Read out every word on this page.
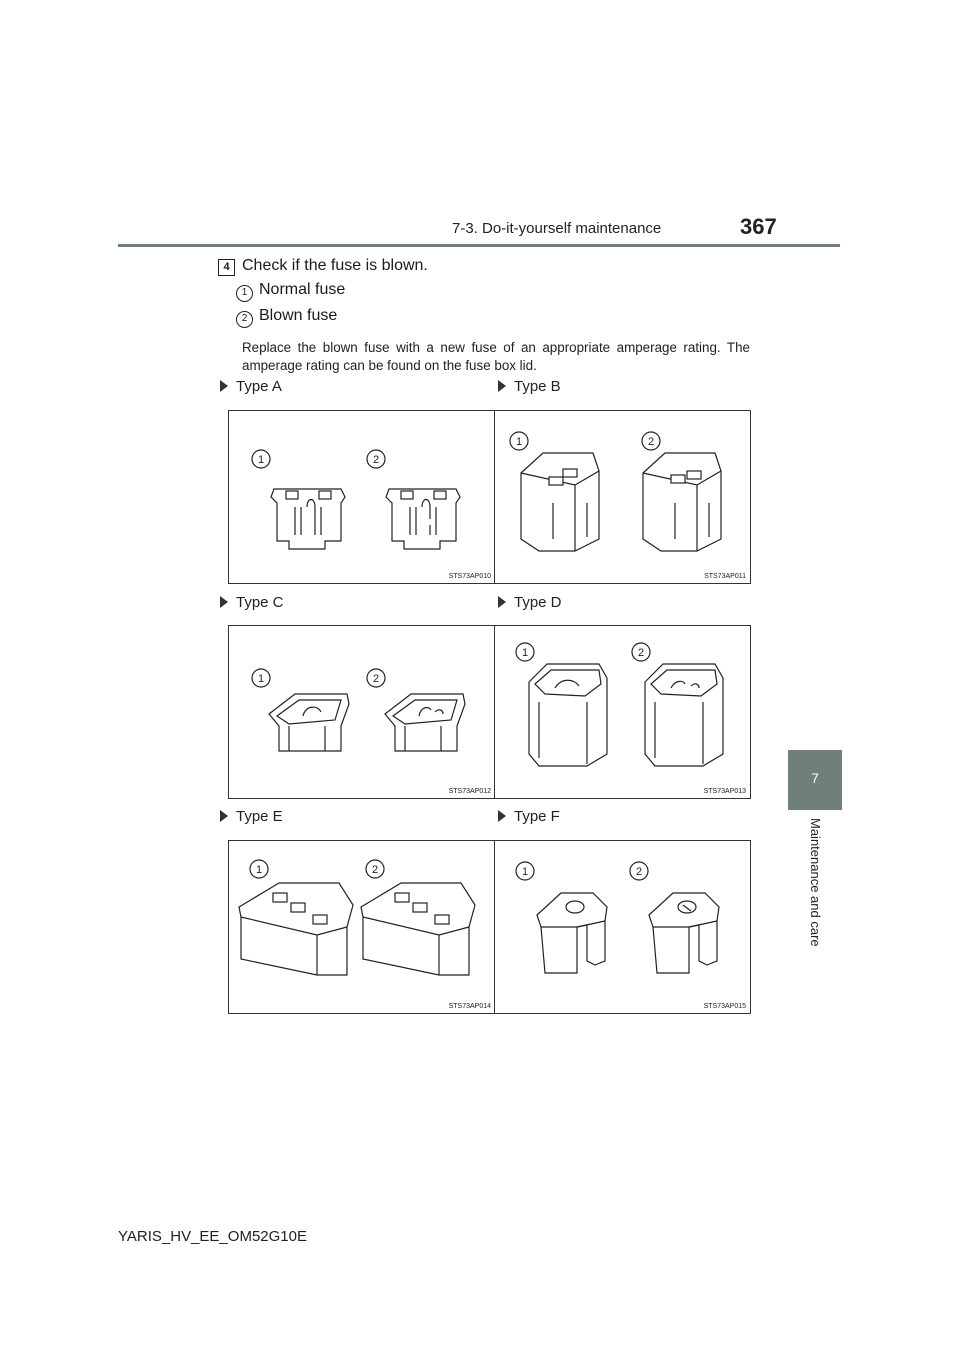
7-3. Do-it-yourself maintenance	367
7
Maintenance and care
4 Check if the fuse is blown.
1 Normal fuse
2 Blown fuse
Replace the blown fuse with a new fuse of an appropriate amperage rating. The amperage rating can be found on the fuse box lid.
Type A	Type B
Type C	Type D
Type E	Type F
1	2
STS73AP010
1	2
STS73AP011
1	2
STS73AP012
1	2
STS73AP013
1	2
STS73AP014
1	2
STS73AP015
YARIS_HV_EE_OM52G10E
